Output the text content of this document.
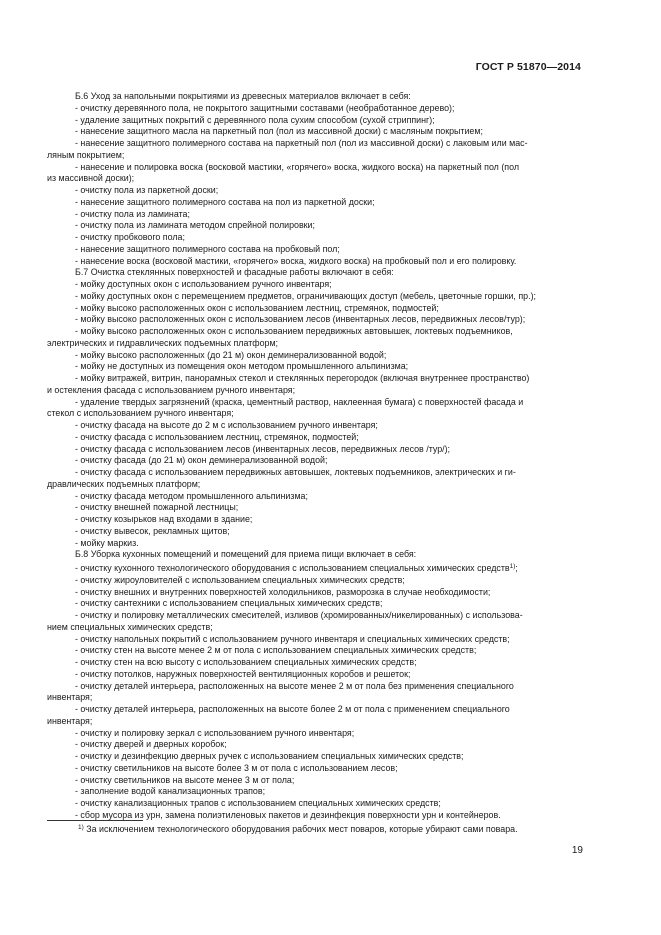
ГОСТ Р 51870—2014
Б.6 Уход за напольными покрытиями из древесных материалов включает в себя:
- очистку деревянного пола, не покрытого защитными составами (необработанное дерево);
- удаление защитных покрытий с деревянного пола сухим способом (сухой стриппинг);
- нанесение защитного масла на паркетный пол (пол из массивной доски) с масляным покрытием;
- нанесение защитного полимерного состава на паркетный пол (пол из массивной доски) с лаковым или мас-
ляным покрытием;
- нанесение и полировка воска (восковой мастики, «горячего» воска, жидкого воска) на паркетный пол (пол
из массивной доски);
- очистку пола из паркетной доски;
- нанесение защитного полимерного состава на пол из паркетной доски;
- очистку пола из ламината;
- очистку пола из ламината методом спрейной полировки;
- очистку пробкового пола;
- нанесение защитного полимерного состава на пробковый пол;
- нанесение воска (восковой мастики, «горячего» воска, жидкого воска) на пробковый пол и его полировку.
Б.7 Очистка стеклянных поверхностей и фасадные работы включают в себя:
- мойку доступных окон с использованием ручного инвентаря;
- мойку доступных окон с перемещением предметов, ограничивающих доступ (мебель, цветочные горшки, пр.);
- мойку высоко расположенных окон с использованием лестниц, стремянок, подмостей;
- мойку высоко расположенных окон с использованием лесов (инвентарных лесов, передвижных лесов/тур);
- мойку высоко расположенных окон с использованием передвижных автовышек, локтевых подъемников,
электрических и гидравлических подъемных платформ;
- мойку высоко расположенных (до 21 м) окон деминерализованной водой;
- мойку не доступных из помещения окон методом промышленного альпинизма;
- мойку витражей, витрин, панорамных стекол и стеклянных перегородок (включая внутреннее пространство)
и остекления фасада с использованием ручного инвентаря;
- удаление твердых загрязнений (краска, цементный раствор, наклеенная бумага) с поверхностей фасада и
стекол с использованием ручного инвентаря;
- очистку фасада на высоте до 2 м с использованием ручного инвентаря;
- очистку фасада с использованием лестниц, стремянок, подмостей;
- очистку фасада с использованием лесов (инвентарных лесов, передвижных лесов /тур/);
- очистку фасада (до 21 м) окон деминерализованной водой;
- очистку фасада с использованием передвижных автовышек, локтевых подъемников, электрических и ги-
дравлических подъемных платформ;
- очистку фасада методом промышленного альпинизма;
- очистку внешней пожарной лестницы;
- очистку козырьков над входами в здание;
- очистку вывесок, рекламных щитов;
- мойку маркиз.
Б.8 Уборка кухонных помещений и помещений для приема пищи включает в себя:
- очистку кухонного технологического оборудования с использованием специальных химических средств$^{1)}$;
- очистку жироуловителей с использованием специальных химических средств;
- очистку внешних и внутренних поверхностей холодильников, разморозка в случае необходимости;
- очистку сантехники с использованием специальных химических средств;
- очистку и полировку металлических смесителей, изливов (хромированных/никелированных) с использова-
нием специальных химических средств;
- очистку напольных покрытий с использованием ручного инвентаря и специальных химических средств;
- очистку стен на высоте менее 2 м от пола с использованием специальных химических средств;
- очистку стен на всю высоту с использованием специальных химических средств;
- очистку потолков, наружных поверхностей вентиляционных коробов и решеток;
- очистку деталей интерьера, расположенных на высоте менее 2 м от пола без применения специального
инвентаря;
- очистку деталей интерьера, расположенных на высоте более 2 м от пола с применением специального
инвентаря;
- очистку и полировку зеркал с использованием ручного инвентаря;
- очистку дверей и дверных коробок;
- очистку и дезинфекцию дверных ручек с использованием специальных химических средств;
- очистку светильников на высоте более 3 м от пола с использованием лесов;
- очистку светильников на высоте менее 3 м от пола;
- заполнение водой канализационных трапов;
- очистку канализационных трапов с использованием специальных химических средств;
- сбор мусора из урн, замена полиэтиленовых пакетов и дезинфекция поверхности урн и контейнеров.
$^{1)}$ За исключением технологического оборудования рабочих мест поваров, которые убирают сами повара.
19
